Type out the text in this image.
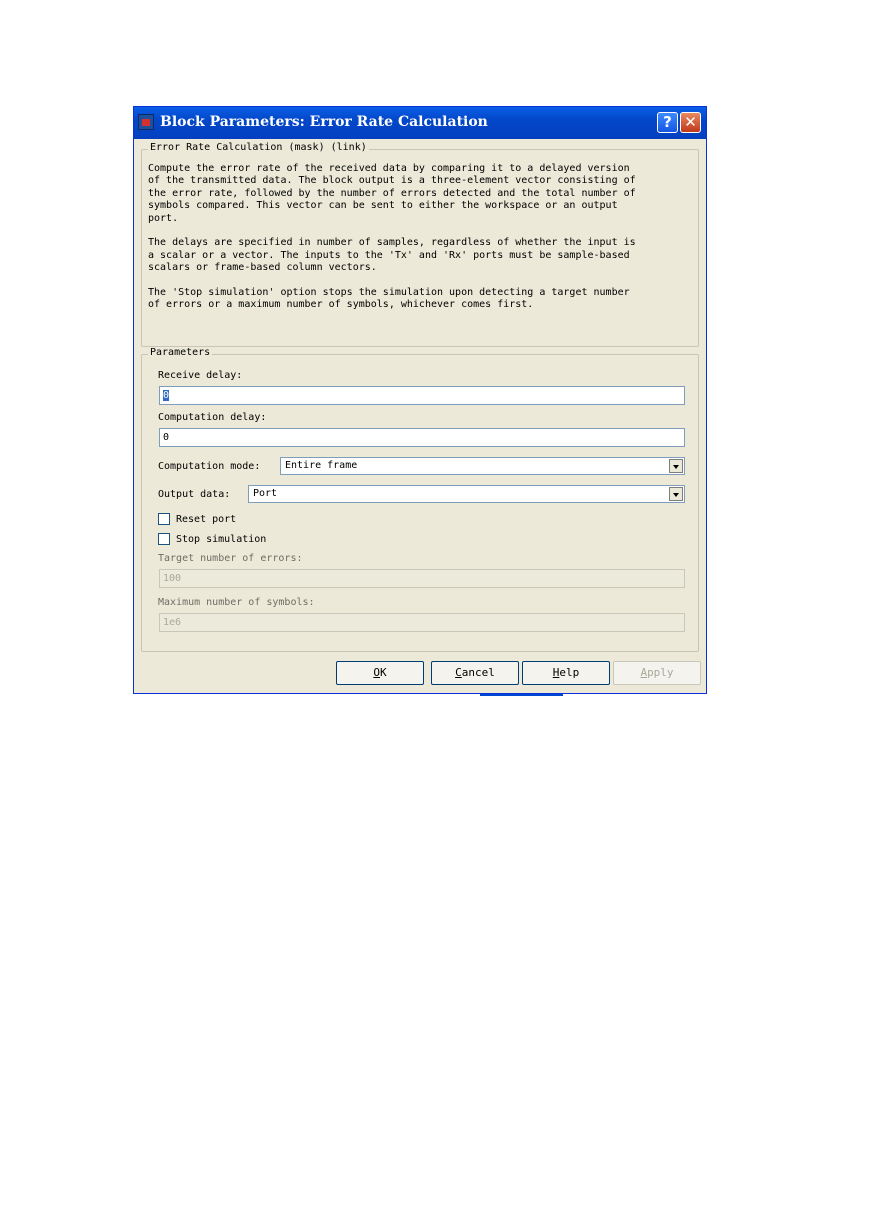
Block Parameters: Error Rate Calculation	? ✕
Error Rate Calculation (mask) (link)

Compute the error rate of the received data by comparing it to a delayed version
of the transmitted data. The block output is a three-element vector consisting of
the error rate, followed by the number of errors detected and the total number of
symbols compared. This vector can be sent to either the workspace or an output
port.

The delays are specified in number of samples, regardless of whether the input is
a scalar or a vector. The inputs to the 'Tx' and 'Rx' ports must be sample-based
scalars or frame-based column vectors.

The 'Stop simulation' option stops the simulation upon detecting a target number
of errors or a maximum number of symbols, whichever comes first.

Parameters
Receive delay:
0
Computation delay:
0
Computation mode: Entire frame
Output data: Port
Reset port
Stop simulation
Target number of errors:
100
Maximum number of symbols:
1e6
OK	Cancel	Help	Apply
